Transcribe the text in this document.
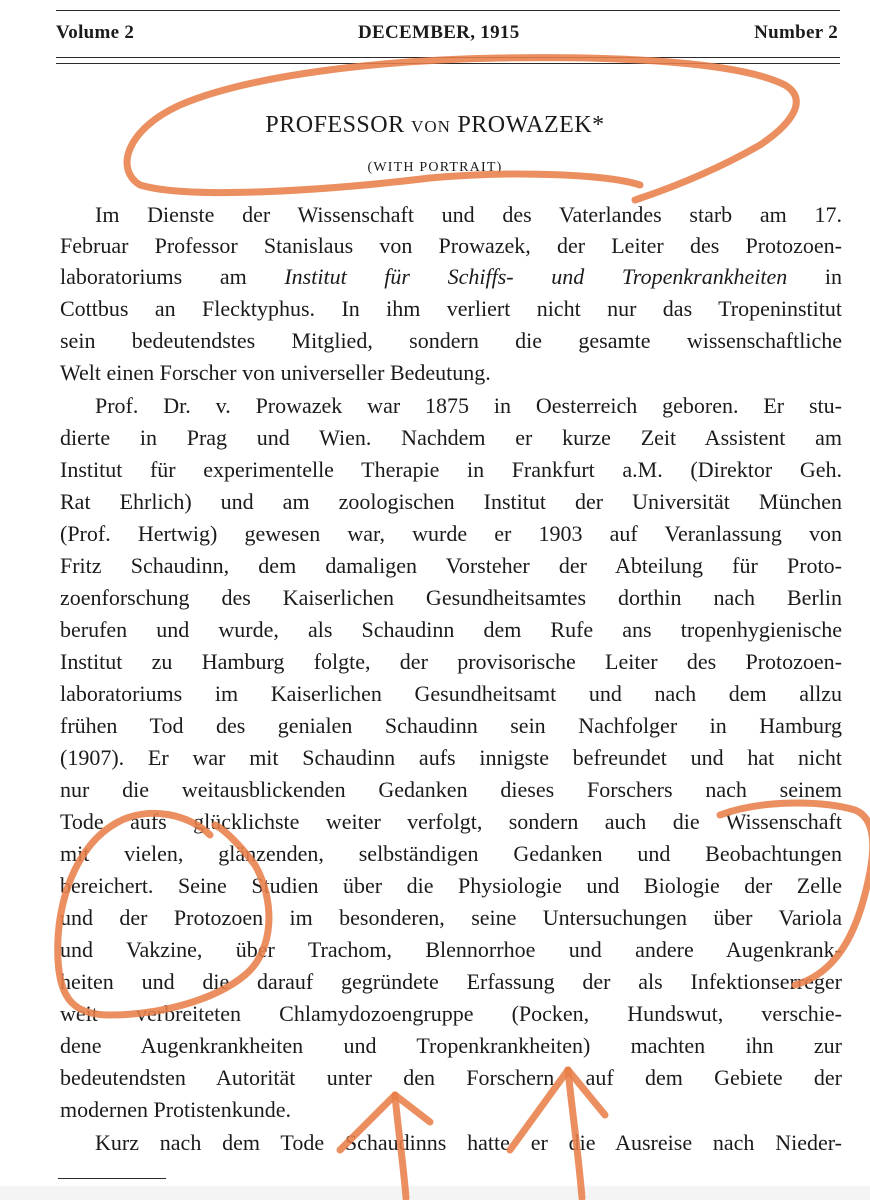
Volume 2	DECEMBER, 1915	Number 2
PROFESSOR VON PROWAZEK*
(WITH PORTRAIT)
Im Dienste der Wissenschaft und des Vaterlandes starb am 17.
Februar Professor Stanislaus von Prowazek, der Leiter des Protozoen-
laboratoriums am Institut für Schiffs- und Tropenkrankheiten in
Cottbus an Flecktyphus. In ihm verliert nicht nur das Tropeninstitut
sein bedeutendstes Mitglied, sondern die gesamte wissenschaftliche
Welt einen Forscher von universeller Bedeutung.
Prof. Dr. v. Prowazek war 1875 in Oesterreich geboren. Er stu-
dierte in Prag und Wien. Nachdem er kurze Zeit Assistent am
Institut für experimentelle Therapie in Frankfurt a.M. (Direktor Geh.
Rat Ehrlich) und am zoologischen Institut der Universität München
(Prof. Hertwig) gewesen war, wurde er 1903 auf Veranlassung von
Fritz Schaudinn, dem damaligen Vorsteher der Abteilung für Proto-
zoenforschung des Kaiserlichen Gesundheitsamtes dorthin nach Berlin
berufen und wurde, als Schaudinn dem Rufe ans tropenhygienische
Institut zu Hamburg folgte, der provisorische Leiter des Protozoen-
laboratoriums im Kaiserlichen Gesundheitsamt und nach dem allzu
frühen Tod des genialen Schaudinn sein Nachfolger in Hamburg
(1907). Er war mit Schaudinn aufs innigste befreundet und hat nicht
nur die weitausblickenden Gedanken dieses Forschers nach seinem
Tode aufs glücklichste weiter verfolgt, sondern auch die Wissenschaft
mit vielen, glänzenden, selbständigen Gedanken und Beobachtungen
bereichert. Seine Studien über die Physiologie und Biologie der Zelle
und der Protozoen im besonderen, seine Untersuchungen über Variola
und Vakzine, über Trachom, Blennorrhoe und andere Augenkrank-
heiten und die darauf gegründete Erfassung der als Infektionserreger
weit verbreiteten Chlamydozoengruppe (Pocken, Hundswut, verschie-
dene Augenkrankheiten und Tropenkrankheiten) machten ihn zur
bedeutendsten Autorität unter den Forschern auf dem Gebiete der
modernen Protistenkunde.
Kurz nach dem Tode Schaudinns hatte er die Ausreise nach Nieder-
